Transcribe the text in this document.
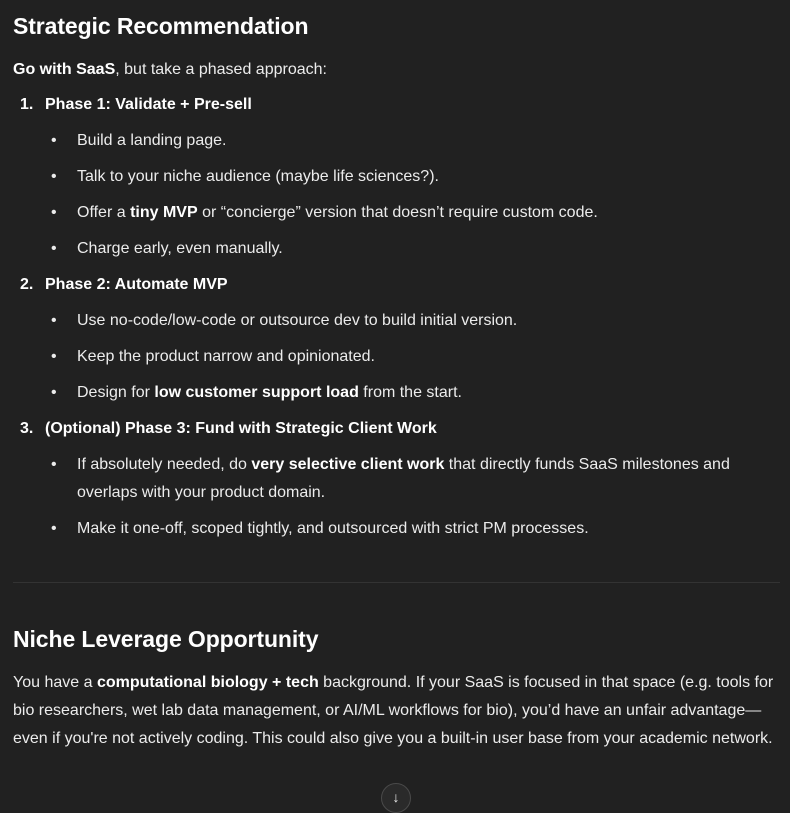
Strategic Recommendation
Go with SaaS, but take a phased approach:
1. Phase 1: Validate + Pre-sell
•	Build a landing page.
•	Talk to your niche audience (maybe life sciences?).
•	Offer a tiny MVP or “concierge” version that doesn’t require custom code.
•	Charge early, even manually.
2. Phase 2: Automate MVP
•	Use no-code/low-code or outsource dev to build initial version.
•	Keep the product narrow and opinionated.
•	Design for low customer support load from the start.
3. (Optional) Phase 3: Fund with Strategic Client Work
•	If absolutely needed, do very selective client work that directly funds SaaS milestones and overlaps with your product domain.
•	Make it one-off, scoped tightly, and outsourced with strict PM processes.
Niche Leverage Opportunity
You have a computational biology + tech background. If your SaaS is focused in that space (e.g. tools for bio researchers, wet lab data management, or AI/ML workflows for bio), you’d have an unfair advantage—even if you're not actively coding. This could also give you a built-in user base from your academic network.
↓
